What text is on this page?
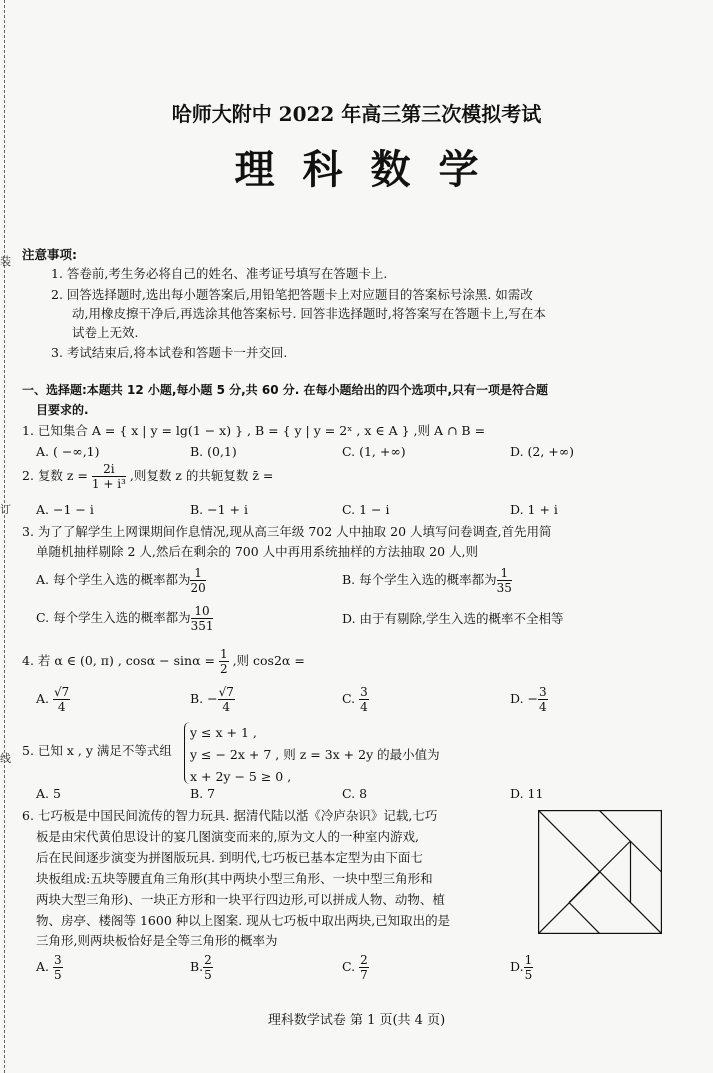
装
订
线
哈师大附中 2022 年高三第三次模拟考试
理科数学
注意事项:
1. 答卷前,考生务必将自己的姓名、准考证号填写在答题卡上.
2. 回答选择题时,选出每小题答案后,用铅笔把答题卡上对应题目的答案标号涂黑. 如需改
动,用橡皮擦干净后,再选涂其他答案标号. 回答非选择题时,将答案写在答题卡上,写在本
试卷上无效.
3. 考试结束后,将本试卷和答题卡一并交回.
一、选择题:本题共 12 小题,每小题 5 分,共 60 分. 在每小题给出的四个选项中,只有一项是符合题
目要求的.
1. 已知集合 A = { x | y = lg(1 − x) } , B = { y | y = 2ˣ , x ∈ A } ,则 A ∩ B =
A. ( −∞,1)	B. (0,1)	C. (1, +∞)	D. (2, +∞)
2. 复数 $z = \frac{2i}{\text{1 + i³}}$ ,则复数 z 的共轭复数 z̄ =
A. −1 − i	B. −1 + i	C. 1 − i	D. 1 + i
3. 为了了解学生上网课期间作息情况,现从高三年级 702 人中抽取 20 人填写问卷调查,首先用简
单随机抽样剔除 2 人,然后在剩余的 700 人中再用系统抽样的方法抽取 20 人,则
A. 每个学生入选的概率都为 $\frac{1}{20}$	B. 每个学生入选的概率都为 $\frac{1}{35}$
C. 每个学生入选的概率都为 $\frac{10}{351}$	D. 由于有剔除,学生入选的概率不全相等
4. 若 α ∈ (0, π) , $\cos\alpha - \sin\alpha = \frac{1}{2}$ ,则 cos2α =
A. $\frac{√7}{4}$	B. − $\frac{√7}{4}$	C. $\frac{3}{4}$	D. − $\frac{3}{4}$
5. 已知 x , y 满足不等式组
y ≤ x + 1 ,
y ≤ − 2x + 7 , 则 z = 3x + 2y 的最小值为
x + 2y − 5 ≥ 0 ,
A. 5	B. 7	C. 8	D. 11
6. 七巧板是中国民间流传的智力玩具. 据清代陆以湉《冷庐杂识》记载,七巧
板是由宋代黄伯思设计的宴几图演变而来的,原为文人的一种室内游戏,
后在民间逐步演变为拼图版玩具. 到明代,七巧板已基本定型为由下面七
块板组成:五块等腰直角三角形(其中两块小型三角形、一块中型三角形和
两块大型三角形)、一块正方形和一块平行四边形,可以拼成人物、动物、植
物、房亭、楼阁等 1600 种以上图案. 现从七巧板中取出两块,已知取出的是
三角形,则两块板恰好是全等三角形的概率为
A. $\frac{3}{5}$	B. $\frac{2}{5}$	C. $\frac{2}{7}$	D. $\frac{1}{5}$
理科数学试卷 第 1 页(共 4 页)
